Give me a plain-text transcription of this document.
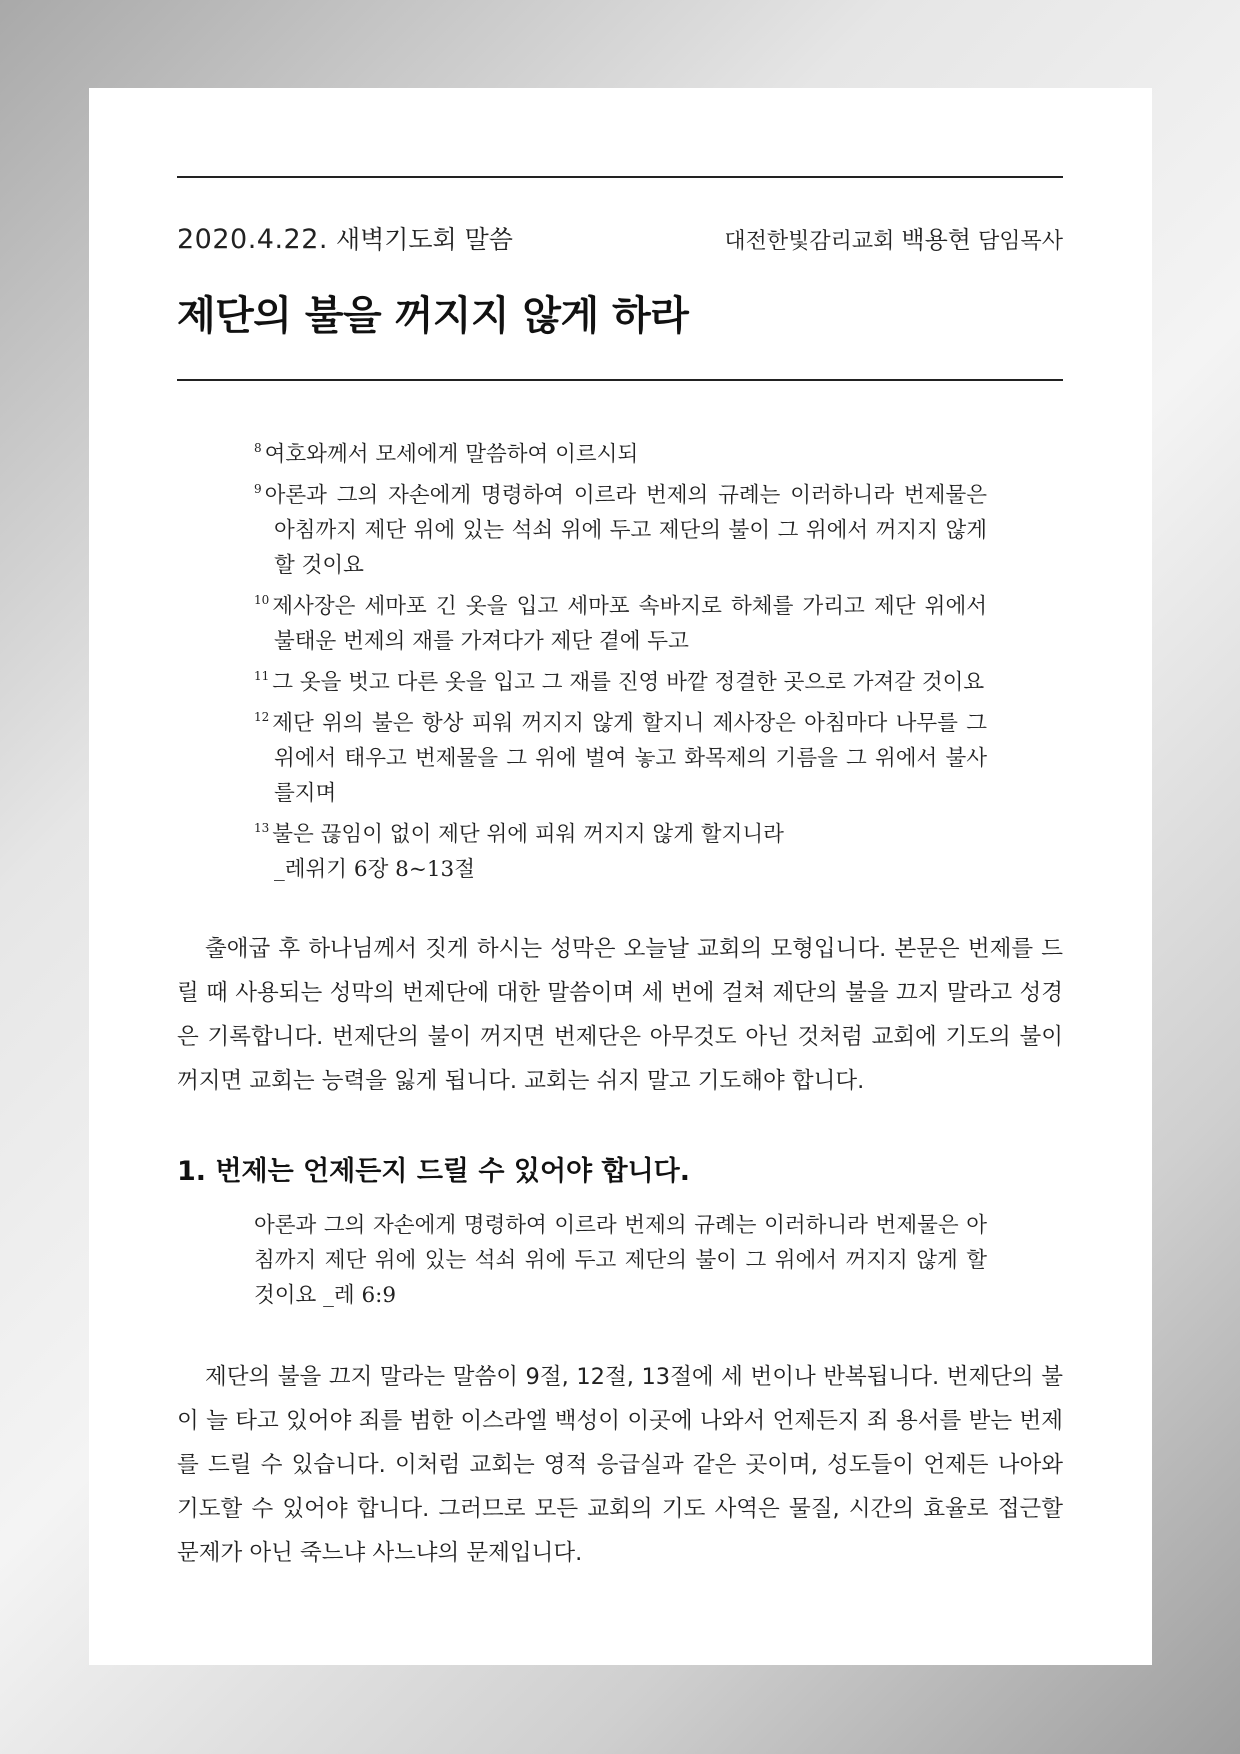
2020.4.22. 새벽기도회 말씀	대전한빛감리교회 백용현 담임목사
제단의 불을 꺼지지 않게 하라
$^8$ 여호와께서 모세에게 말씀하여 이르시되
$^9$ 아론과 그의 자손에게 명령하여 이르라 번제의 규례는 이러하니라 번제물은 아침까지 제단 위에 있는 석쇠 위에 두고 제단의 불이 그 위에서 꺼지지 않게 할 것이요
$^{10}$ 제사장은 세마포 긴 옷을 입고 세마포 속바지로 하체를 가리고 제단 위에서 불태운 번제의 재를 가져다가 제단 곁에 두고
$^{11}$ 그 옷을 벗고 다른 옷을 입고 그 재를 진영 바깥 정결한 곳으로 가져갈 것이요
$^{12}$ 제단 위의 불은 항상 피워 꺼지지 않게 할지니 제사장은 아침마다 나무를 그 위에서 태우고 번제물을 그 위에 벌여 놓고 화목제의 기름을 그 위에서 불사를지며
$^{13}$ 불은 끊임이 없이 제단 위에 피워 꺼지지 않게 할지니라
_레위기 6장 8~13절

출애굽 후 하나님께서 짓게 하시는 성막은 오늘날 교회의 모형입니다. 본문은 번제를 드릴 때 사용되는 성막의 번제단에 대한 말씀이며 세 번에 걸쳐 제단의 불을 끄지 말라고 성경은 기록합니다. 번제단의 불이 꺼지면 번제단은 아무것도 아닌 것처럼 교회에 기도의 불이 꺼지면 교회는 능력을 잃게 됩니다. 교회는 쉬지 말고 기도해야 합니다.

1. 번제는 언제든지 드릴 수 있어야 합니다.
아론과 그의 자손에게 명령하여 이르라 번제의 규례는 이러하니라 번제물은 아침까지 제단 위에 있는 석쇠 위에 두고 제단의 불이 그 위에서 꺼지지 않게 할 것이요 _레 6:9

제단의 불을 끄지 말라는 말씀이 9절, 12절, 13절에 세 번이나 반복됩니다. 번제단의 불이 늘 타고 있어야 죄를 범한 이스라엘 백성이 이곳에 나와서 언제든지 죄 용서를 받는 번제를 드릴 수 있습니다. 이처럼 교회는 영적 응급실과 같은 곳이며, 성도들이 언제든 나아와 기도할 수 있어야 합니다. 그러므로 모든 교회의 기도 사역은 물질, 시간의 효율로 접근할 문제가 아닌 죽느냐 사느냐의 문제입니다.
